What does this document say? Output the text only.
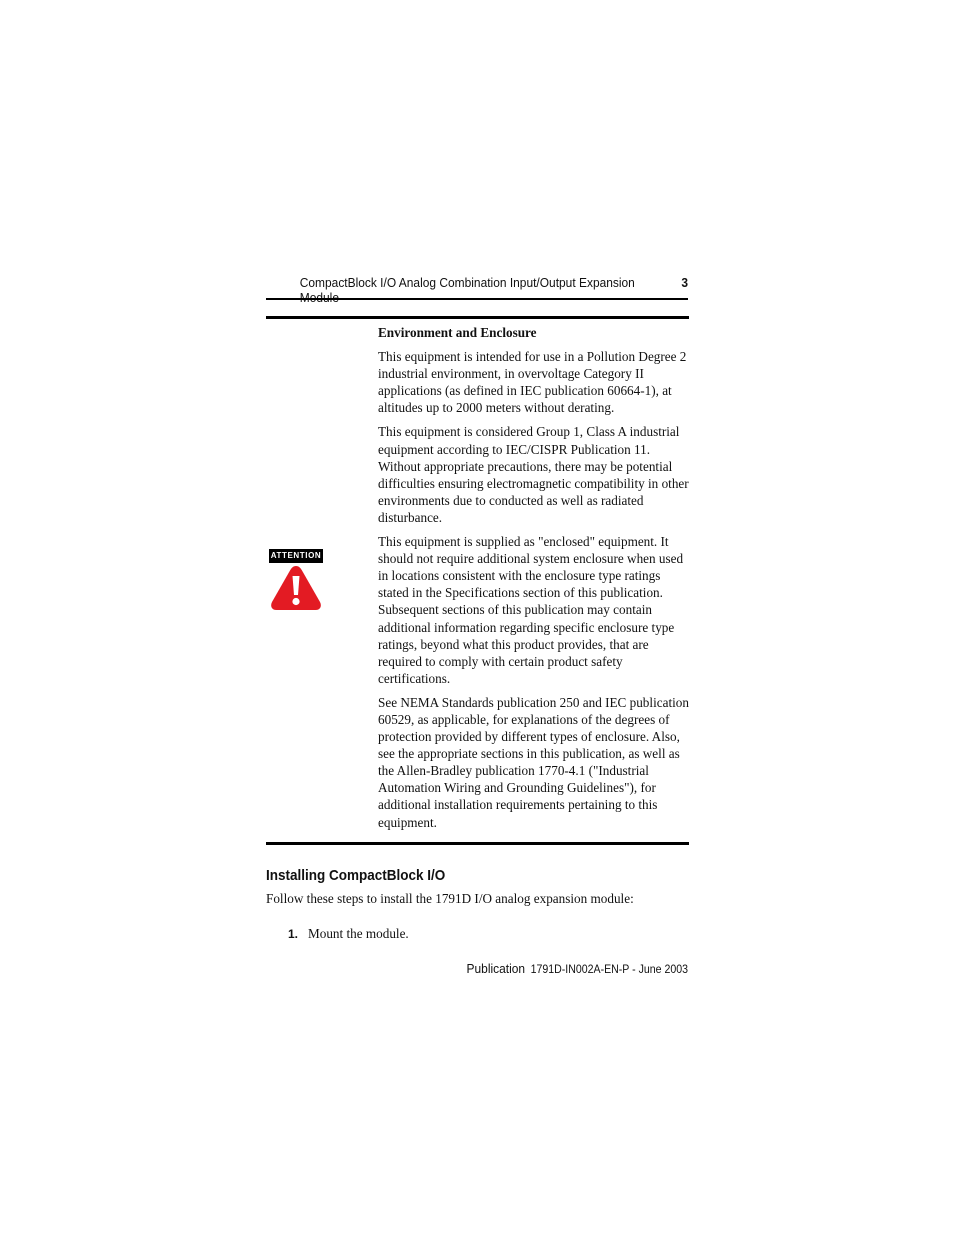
CompactBlock I/O Analog Combination Input/Output Expansion	3
ATTENTION
Environment and Enclosure

This equipment is intended for use in a Pollution Degree 2 industrial environment, in overvoltage Category II applications (as defined in IEC publication 60664-1), at altitudes up to 2000 meters without derating.

This equipment is considered Group 1, Class A industrial equipment according to IEC/CISPR Publication 11. Without appropriate precautions, there may be potential difficulties ensuring electromagnetic compatibility in other environments due to conducted as well as radiated disturbance.

This equipment is supplied as "enclosed" equipment. It should not require additional system enclosure when used in locations consistent with the enclosure type ratings stated in the Specifications section of this publication. Subsequent sections of this publication may contain additional information regarding specific enclosure type ratings, beyond what this product provides, that are required to comply with certain product safety certifications.

See NEMA Standards publication 250 and IEC publication 60529, as applicable, for explanations of the degrees of protection provided by different types of enclosure. Also, see the appropriate sections in this publication, as well as the Allen-Bradley publication 1770-4.1 ("Industrial Automation Wiring and Grounding Guidelines"), for additional installation requirements pertaining to this equipment.

Installing CompactBlock I/O

Follow these steps to install the 1791D I/O analog expansion module:

1. Mount the module.
Publication 1791D-IN002A-EN-P - June 2003
